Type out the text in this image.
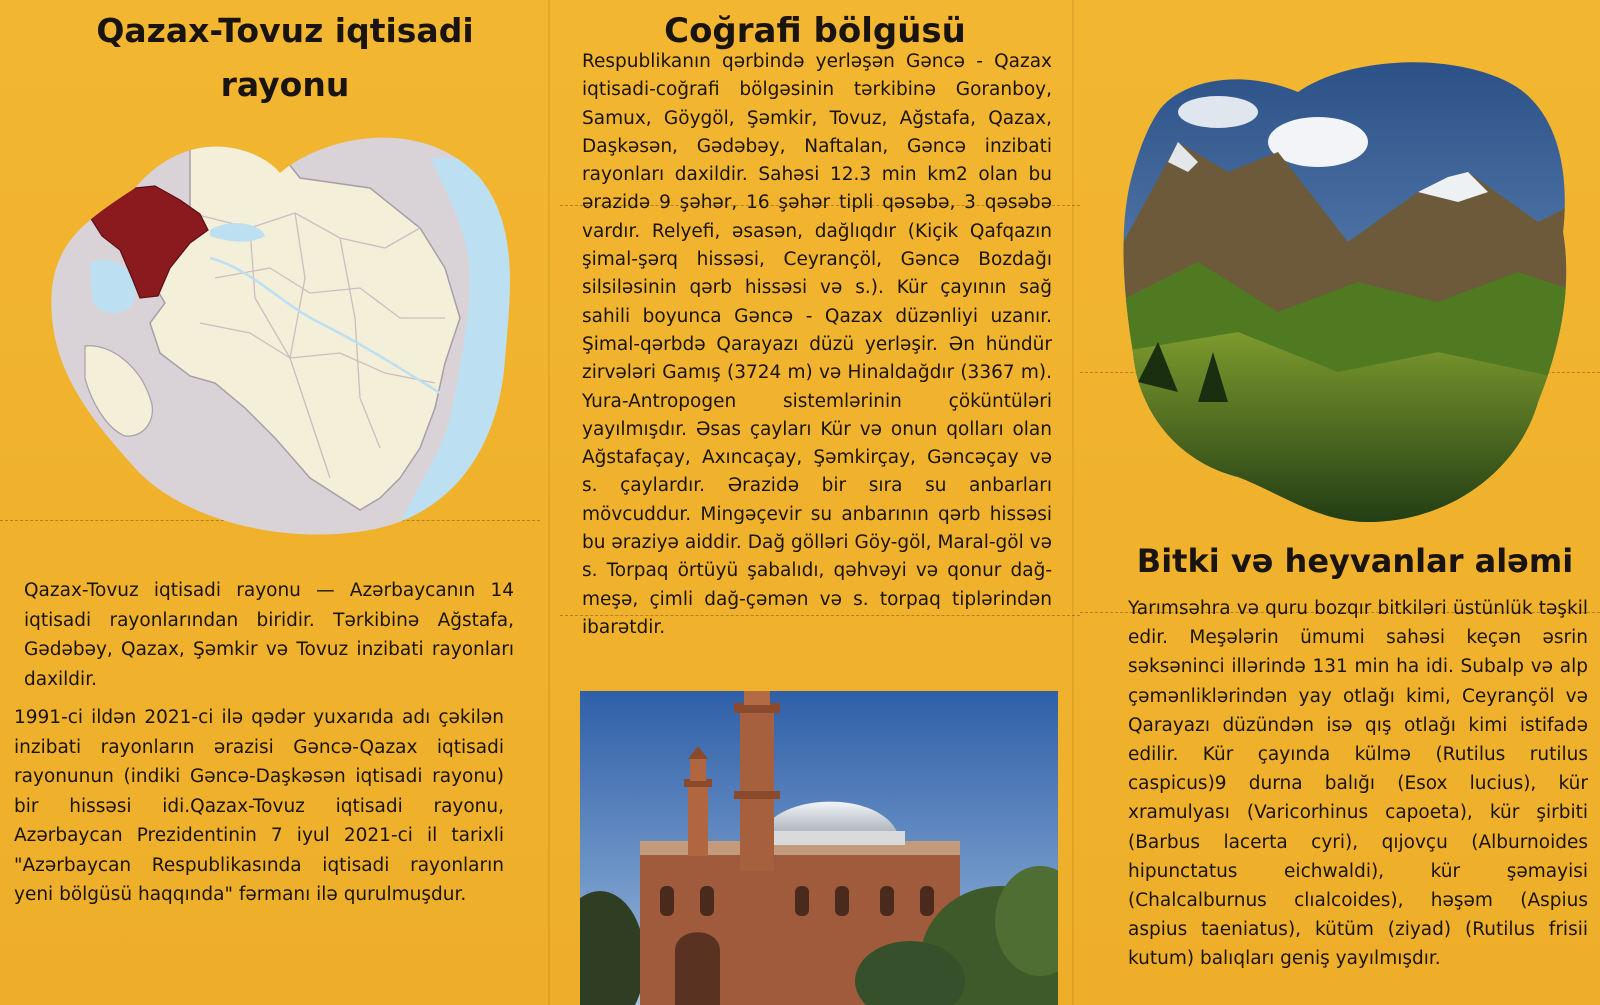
Qazax-Tovuz iqtisadi rayonu
Qazax-Tovuz iqtisadi rayonu — Azərbaycanın 14 iqtisadi rayonlarından biridir. Tərkibinə Ağstafa, Gədəbəy, Qazax, Şəmkir və Tovuz inzibati rayonları daxildir.
1991-ci ildən 2021-ci ilə qədər yuxarıda adı çəkilən inzibati rayonların ərazisi Gəncə-Qazax iqtisadi rayonunun (indiki Gəncə-Daşkəsən iqtisadi rayonu) bir hissəsi idi.Qazax-Tovuz iqtisadi rayonu, Azərbaycan Prezidentinin 7 iyul 2021-ci il tarixli "Azərbaycan Respublikasında iqtisadi rayonların yeni bölgüsü haqqında" fərmanı ilə qurulmuşdur.
Coğrafi bölgüsü
Respublikanın qərbində yerləşən Gəncə - Qazax iqtisadi-coğrafi bölgəsinin tərkibinə Goranboy, Samux, Göygöl, Şəmkir, Tovuz, Ağstafa, Qazax, Daşkəsən, Gədəbəy, Naftalan, Gəncə inzibati rayonları daxildir. Sahəsi 12.3 min km2 olan bu ərazidə 9 şəhər, 16 şəhər tipli qəsəbə, 3 qəsəbə vardır. Relyefi, əsasən, dağlıqdır (Kiçik Qafqazın şimal-şərq hissəsi, Ceyrançöl, Gəncə Bozdağı silsiləsinin qərb hissəsi və s.). Kür çayının sağ sahili boyunca Gəncə - Qazax düzənliyi uzanır. Şimal-qərbdə Qarayazı düzü yerləşir. Ən hündür zirvələri Gamış (3724 m) və Hinaldağdır (3367 m). Yura-Antropogen sistemlərinin çöküntüləri yayılmışdır. Əsas çayları Kür və onun qolları olan Ağstafaçay, Axıncaçay, Şəmkirçay, Gəncəçay və s. çaylardır. Ərazidə bir sıra su anbarları mövcuddur. Mingəçevir su anbarının qərb hissəsi bu əraziyə aiddir. Dağ gölləri Göy-göl, Maral-göl və s. Torpaq örtüyü şabalıdı, qəhvəyi və qonur dağ-meşə, çimli dağ-çəmən və s. torpaq tiplərindən ibarətdir.
Bitki və heyvanlar aləmi
Yarımsəhra və quru bozqır bitkiləri üstünlük təşkil edir. Meşələrin ümumi sahəsi keçən əsrin səksəninci illərində 131 min ha idi. Subalp və alp çəmənliklərindən yay otlağı kimi, Ceyrançöl və Qarayazı düzündən isə qış otlağı kimi istifadə edilir. Kür çayında külmə (Rutilus rutilus caspicus)9 durna balığı (Esox lucius), kür xramulyası (Varicorhinus capoeta), kür şirbiti (Barbus lacerta cyri), qıjovçu (Alburnoides hipunctatus eichwaldi), kür şəmayisi (Chalcalburnus clıalcoides), həşəm (Aspius aspius taeniatus), kütüm (ziyad) (Rutilus frisii kutum) balıqları geniş yayılmışdır.
